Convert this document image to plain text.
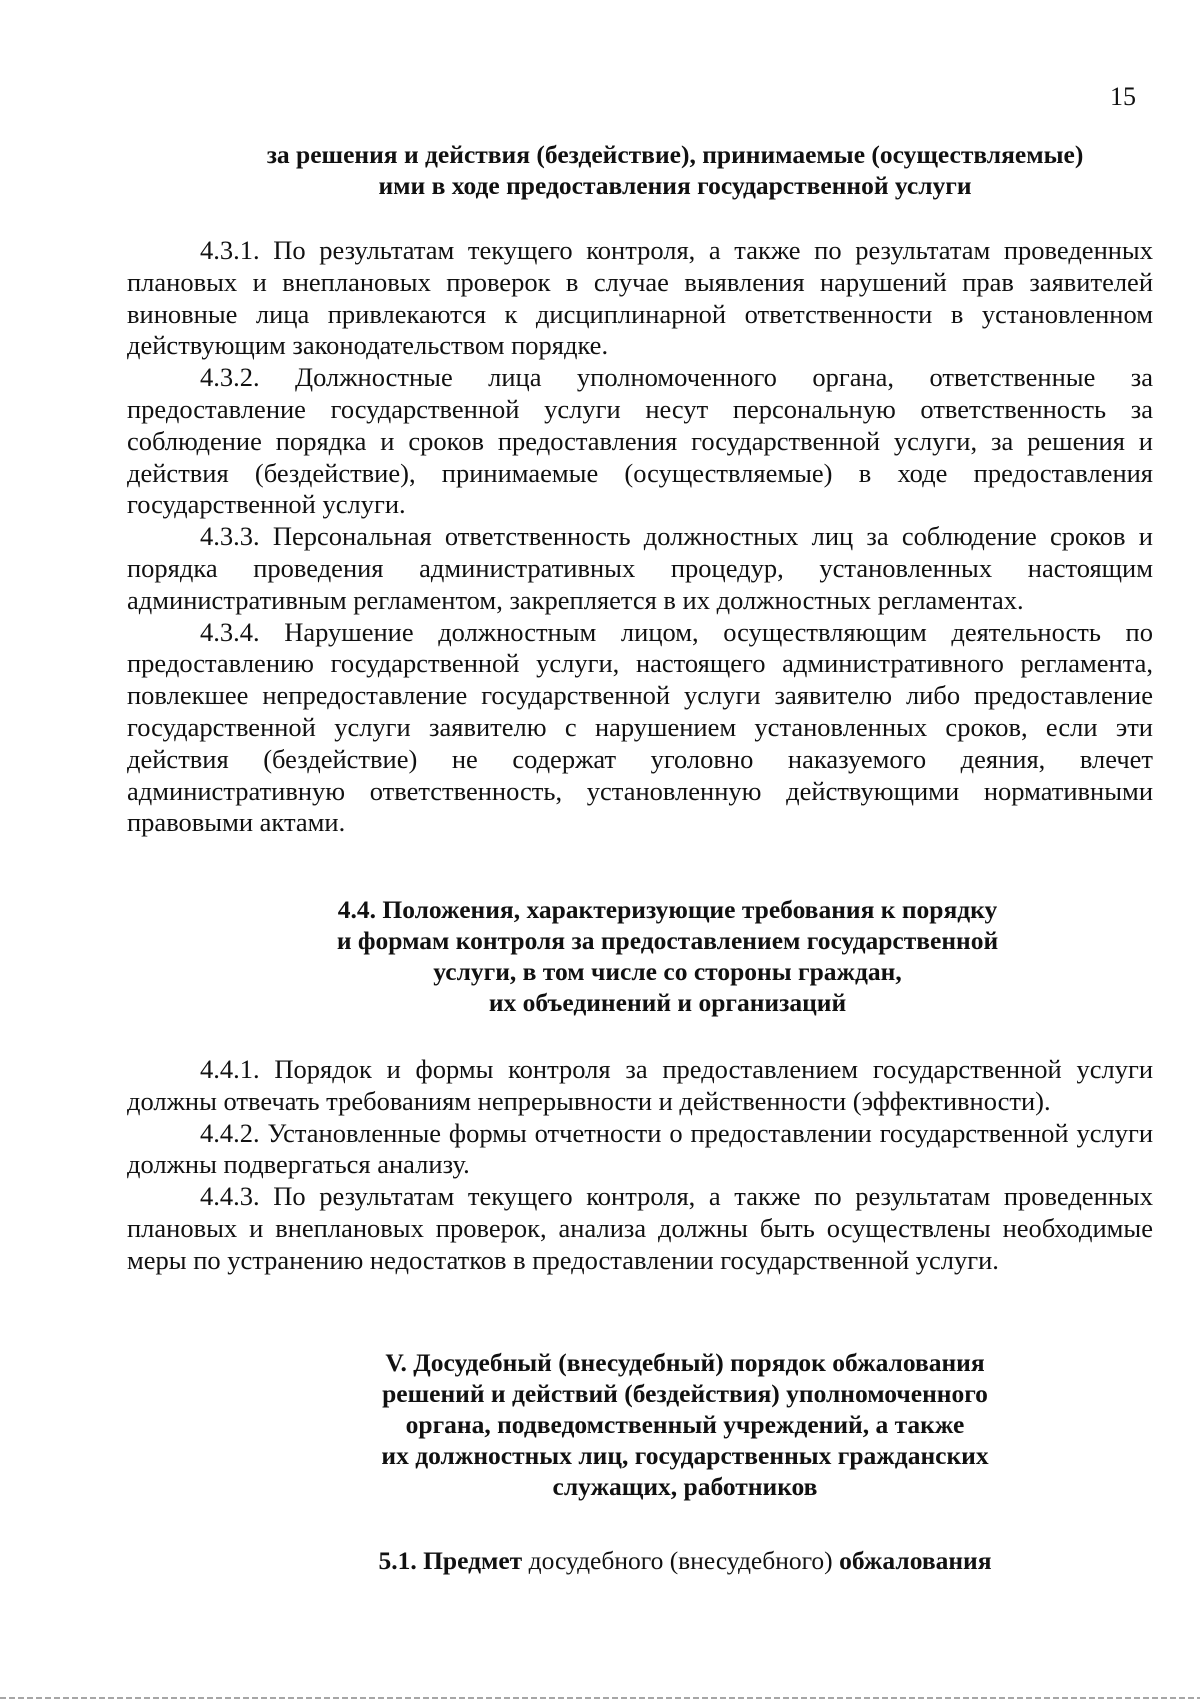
15
за решения и действия (бездействие), принимаемые (осуществляемые)
ими в ходе предоставления государственной услуги

4.3.1. По результатам текущего контроля, а также по результатам проведенных плановых и внеплановых проверок в случае выявления нарушений прав заявителей виновные лица привлекаются к дисциплинарной ответственности в установленном действующим законодательством порядке.

4.3.2. Должностные лица уполномоченного органа, ответственные за предоставление государственной услуги несут персональную ответственность за соблюдение порядка и сроков предоставления государственной услуги, за решения и действия (бездействие), принимаемые (осуществляемые) в ходе предоставления государственной услуги.

4.3.3. Персональная ответственность должностных лиц за соблюдение сроков и порядка проведения административных процедур, установленных настоящим административным регламентом, закрепляется в их должностных регламентах.

4.3.4. Нарушение должностным лицом, осуществляющим деятельность по предоставлению государственной услуги, настоящего административного регламента, повлекшее непредоставление государственной услуги заявителю либо предоставление государственной услуги заявителю с нарушением установленных сроков, если эти действия (бездействие) не содержат уголовно наказуемого деяния, влечет административную ответственность, установленную действующими нормативными правовыми актами.

4.4. Положения, характеризующие требования к порядку
и формам контроля за предоставлением государственной
услуги, в том числе со стороны граждан,
их объединений и организаций

4.4.1. Порядок и формы контроля за предоставлением государственной услуги должны отвечать требованиям непрерывности и действенности (эффективности).

4.4.2. Установленные формы отчетности о предоставлении государственной услуги должны подвергаться анализу.

4.4.3. По результатам текущего контроля, а также по результатам проведенных плановых и внеплановых проверок, анализа должны быть осуществлены необходимые меры по устранению недостатков в предоставлении государственной услуги.

V. Досудебный (внесудебный) порядок обжалования
решений и действий (бездействия) уполномоченного
органа, подведомственный учреждений, а также
их должностных лиц, государственных гражданских
служащих, работников
5.1. Предмет досудебного (внесудебного) обжалования
